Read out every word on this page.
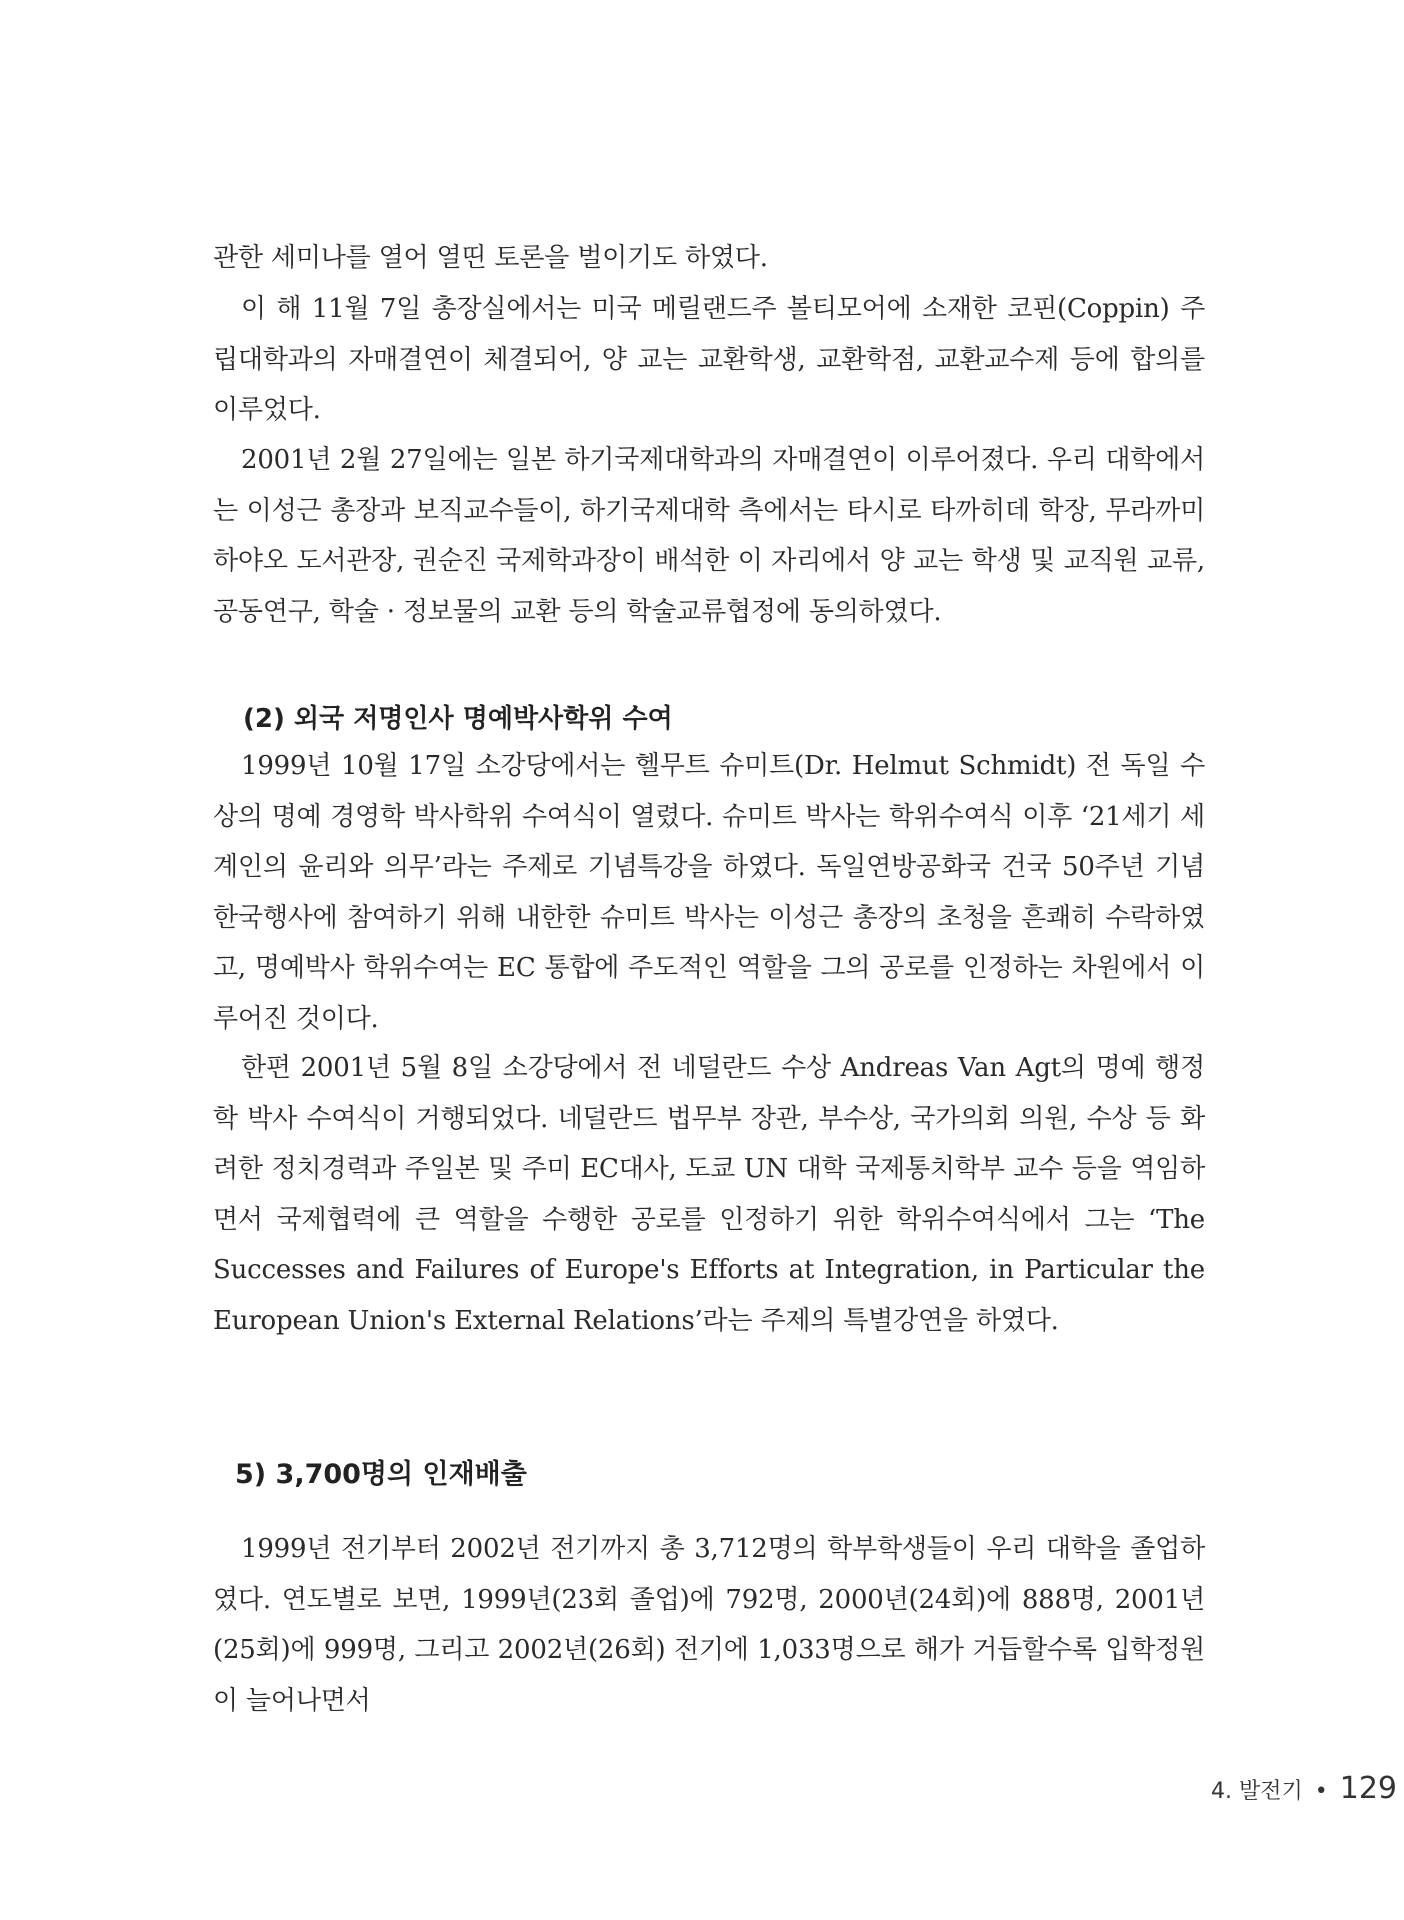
관한 세미나를 열어 열띤 토론을 벌이기도 하였다.

이 해 11월 7일 총장실에서는 미국 메릴랜드주 볼티모어에 소재한 코핀(Coppin) 주립대학과의 자매결연이 체결되어, 양 교는 교환학생, 교환학점, 교환교수제 등에 합의를 이루었다.

2001년 2월 27일에는 일본 하기국제대학과의 자매결연이 이루어졌다. 우리 대학에서는 이성근 총장과 보직교수들이, 하기국제대학 측에서는 타시로 타까히데 학장, 무라까미 하야오 도서관장, 권순진 국제학과장이 배석한 이 자리에서 양 교는 학생 및 교직원 교류, 공동연구, 학술 · 정보물의 교환 등의 학술교류협정에 동의하였다.

(2) 외국 저명인사 명예박사학위 수여

1999년 10월 17일 소강당에서는 헬무트 슈미트(Dr. Helmut Schmidt) 전 독일 수상의 명예 경영학 박사학위 수여식이 열렸다. 슈미트 박사는 학위수여식 이후 ‘21세기 세계인의 윤리와 의무’라는 주제로 기념특강을 하였다. 독일연방공화국 건국 50주년 기념 한국행사에 참여하기 위해 내한한 슈미트 박사는 이성근 총장의 초청을 흔쾌히 수락하였고, 명예박사 학위수여는 EC 통합에 주도적인 역할을 그의 공로를 인정하는 차원에서 이루어진 것이다.

한편 2001년 5월 8일 소강당에서 전 네덜란드 수상 Andreas Van Agt의 명예 행정학 박사 수여식이 거행되었다. 네덜란드 법무부 장관, 부수상, 국가의회 의원, 수상 등 화려한 정치경력과 주일본 및 주미 EC대사, 도쿄 UN 대학 국제통치학부 교수 등을 역임하면서 국제협력에 큰 역할을 수행한 공로를 인정하기 위한 학위수여식에서 그는 ‘The Successes and Failures of Europe's Efforts at Integration, in Particular the European Union's External Relations’라는 주제의 특별강연을 하였다.

5) 3,700명의 인재배출

1999년 전기부터 2002년 전기까지 총 3,712명의 학부학생들이 우리 대학을 졸업하였다. 연도별로 보면, 1999년(23회 졸업)에 792명, 2000년(24회)에 888명, 2001년(25회)에 999명, 그리고 2002년(26회) 전기에 1,033명으로 해가 거듭할수록 입학정원이 늘어나면서

4. 발전기 • 129
